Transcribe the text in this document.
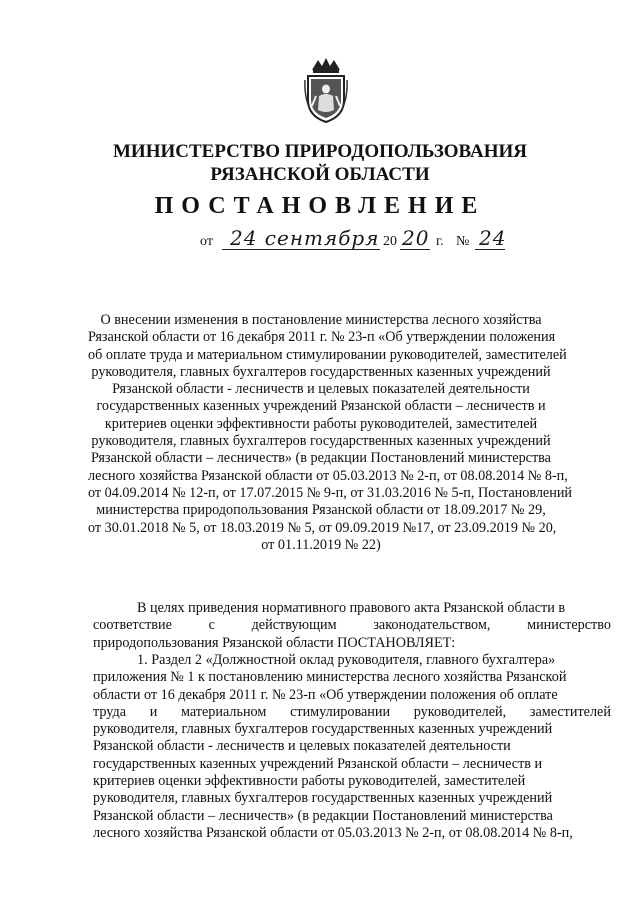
МИНИСТЕРСТВО ПРИРОДОПОЛЬЗОВАНИЯ
РЯЗАНСКОЙ ОБЛАСТИ
ПОСТАНОВЛЕНИЕ
от 24 сентября 20 20 г. № 24
О внесении изменения в постановление министерства лесного хозяйства
Рязанской области от 16 декабря 2011 г. № 23-п «Об утверждении положения
об оплате труда и материальном стимулировании руководителей, заместителей
руководителя, главных бухгалтеров государственных казенных учреждений
Рязанской области - лесничеств и целевых показателей деятельности
государственных казенных учреждений Рязанской области – лесничеств и
критериев оценки эффективности работы руководителей, заместителей
руководителя, главных бухгалтеров государственных казенных учреждений
Рязанской области – лесничеств» (в редакции Постановлений министерства
лесного хозяйства Рязанской области от 05.03.2013 № 2-п, от 08.08.2014 № 8-п,
от 04.09.2014 № 12-п, от 17.07.2015 № 9-п, от 31.03.2016 № 5-п, Постановлений
министерства природопользования Рязанской области от 18.09.2017 № 29,
от 30.01.2018 № 5, от 18.03.2019 № 5, от 09.09.2019 №17, от 23.09.2019 № 20,
от 01.11.2019 № 22)
В целях приведения нормативного правового акта Рязанской области в
соответствие	с	действующим	законодательством,	министерство
природопользования Рязанской области ПОСТАНОВЛЯЕТ:
1. Раздел 2 «Должностной оклад руководителя, главного бухгалтера»
приложения № 1 к постановлению министерства лесного хозяйства Рязанской
области от 16 декабря 2011 г. № 23-п «Об утверждении положения об оплате
труда и материальном стимулировании руководителей, заместителей
руководителя, главных бухгалтеров государственных казенных учреждений
Рязанской области - лесничеств и целевых показателей деятельности
государственных казенных учреждений Рязанской области – лесничеств и
критериев оценки эффективности работы руководителей, заместителей
руководителя, главных бухгалтеров государственных казенных учреждений
Рязанской области – лесничеств» (в редакции Постановлений министерства
лесного хозяйства Рязанской области от 05.03.2013 № 2-п, от 08.08.2014 № 8-п,
